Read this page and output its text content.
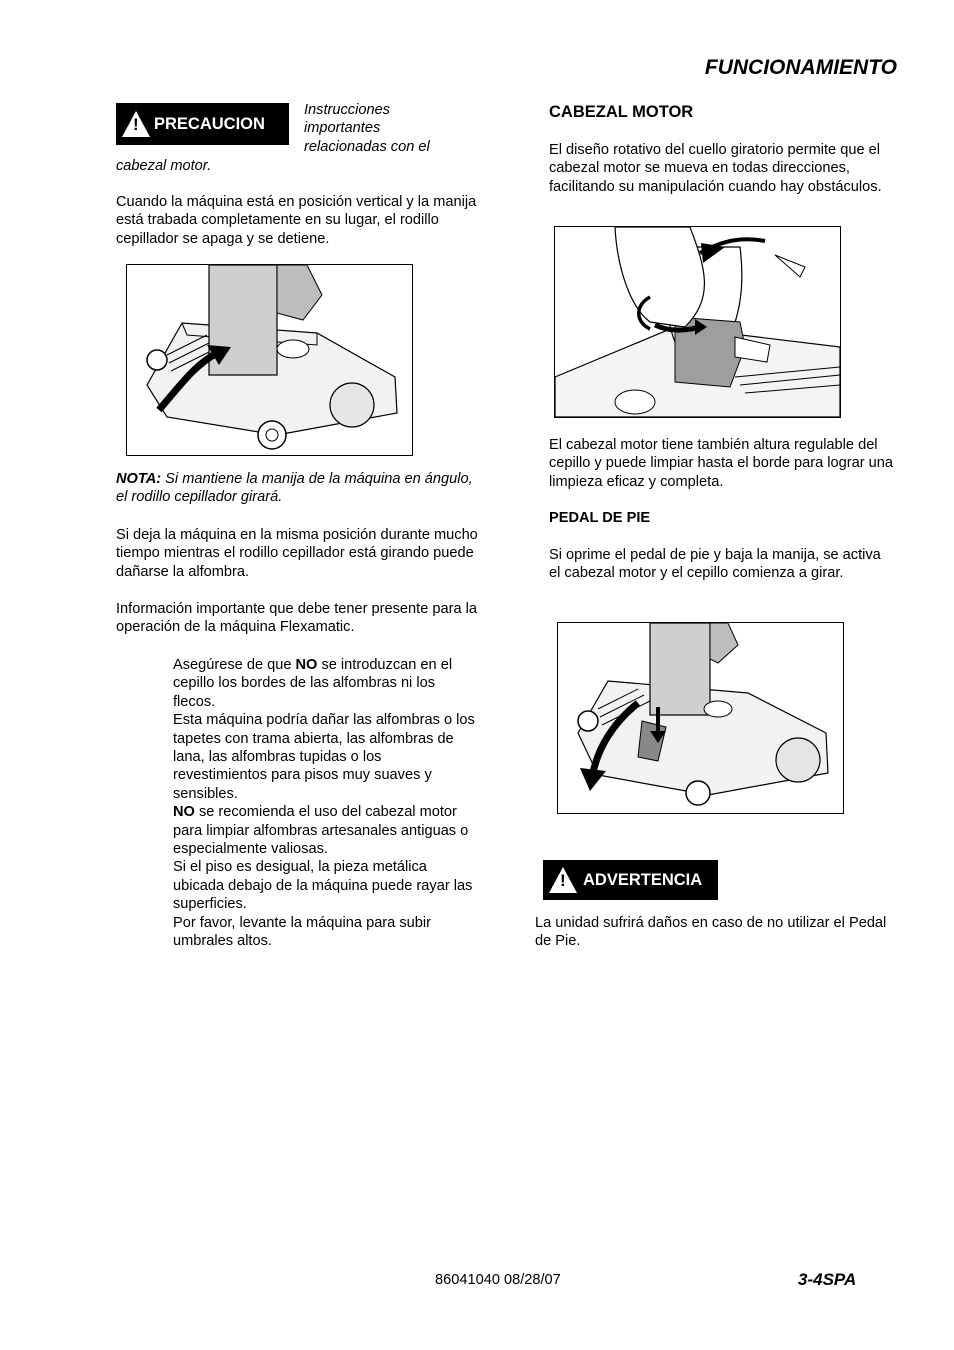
FUNCIONAMIENTO
! PRECAUCION
Instrucciones
importantes
relacionadas con el
cabezal motor.

Cuando la máquina está en posición vertical y la manija está trabada completamente en su lugar, el rodillo cepillador se apaga y se detiene.

NOTA: Si mantiene la manija de la máquina en ángulo, el rodillo cepillador girará.

Si deja la máquina en la misma posición durante mucho tiempo mientras el rodillo cepillador está girando puede dañarse la alfombra.

Información importante que debe tener presente para la operación de la máquina Flexamatic.

Asegúrese de que NO se introduzcan en el cepillo los bordes de las alfombras ni los flecos.
Esta máquina podría dañar las alfombras o los tapetes con trama abierta, las alfombras de lana, las alfombras tupidas o los revestimientos para pisos muy suaves y sensibles.
NO se recomienda el uso del cabezal motor para limpiar alfombras artesanales antiguas o especialmente valiosas.
Si el piso es desigual, la pieza metálica ubicada debajo de la máquina puede rayar las superficies.
Por favor, levante la máquina para subir umbrales altos.
CABEZAL MOTOR

El diseño rotativo del cuello giratorio permite que el cabezal motor se mueva en todas direcciones, facilitando su manipulación cuando hay obstáculos.

El cabezal motor tiene también altura regulable del cepillo y puede limpiar hasta el borde para lograr una limpieza eficaz y completa.

PEDAL DE PIE

Si oprime el pedal de pie y baja la manija, se activa el cabezal motor y el cepillo comienza a girar.

! ADVERTENCIA

La unidad sufrirá daños en caso de no utilizar el Pedal de Pie.

86041040 08/28/07	3-4SPA
